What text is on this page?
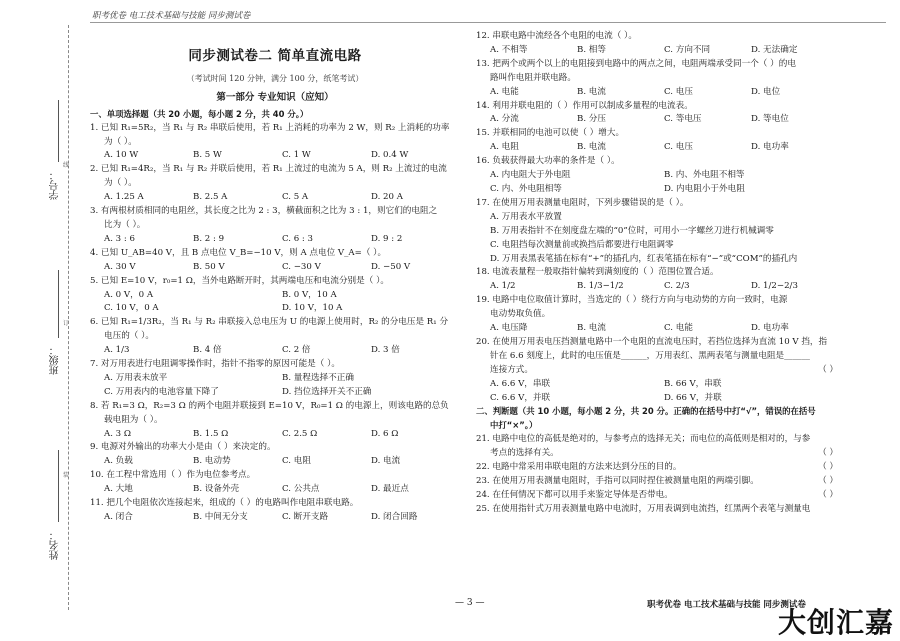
职考优卷 电工技术基础与技能 同步测试卷
学号：
班级：
姓名：
线
订
装
同步测试卷二 简单直流电路
（考试时间 120 分钟，满分 100 分，纸笔考试）
第一部分 专业知识（应知）
一、单项选择题（共 20 小题，每小题 2 分，共 40 分。）
1. 已知 R₁=5R₂，当 R₁ 与 R₂ 串联后使用，若 R₁ 上消耗的功率为 2 W，则 R₂ 上消耗的功率
为（ ）。
A. 10 W	B. 5 W	C. 1 W	D. 0.4 W
2. 已知 R₁=4R₂，当 R₁ 与 R₂ 并联后使用，若 R₁ 上流过的电流为 5 A，则 R₂ 上流过的电流
为（ ）。
A. 1.25 A	B. 2.5 A	C. 5 A	D. 20 A
3. 有两根材质相同的电阻丝，其长度之比为 2 : 3，横截面积之比为 3 : 1，则它们的电阻之
比为（ ）。
A. 3 : 6	B. 2 : 9	C. 6 : 3	D. 9 : 2
4. 已知 U_AB=40 V，且 B 点电位 V_B=−10 V，则 A 点电位 V_A=（ ）。
A. 30 V	B. 50 V	C. −30 V	D. −50 V
5. 已知 E=10 V，r₀=1 Ω，当外电路断开时，其两端电压和电流分别是（ ）。
A. 0 V，0 A	B. 0 V，10 A
C. 10 V，0 A	D. 10 V，10 A
6. 已知 R₁=1/3R₂，当 R₁ 与 R₂ 串联接入总电压为 U 的电源上使用时，R₂ 的分电压是 R₁ 分
电压的（ ）。
A. 1/3	B. 4 倍	C. 2 倍	D. 3 倍
7. 对万用表进行电阻调零操作时，指针不指零的原因可能是（ ）。
A. 万用表未放平	B. 量程选择不正确
C. 万用表内的电池容量下降了	D. 挡位选择开关不正确
8. 若 R₁=3 Ω，R₂=3 Ω 的两个电阻并联接到 E=10 V，R₀=1 Ω 的电源上，则该电路的总负
载电阻为（ ）。
A. 3 Ω	B. 1.5 Ω	C. 2.5 Ω	D. 6 Ω
9. 电源对外输出的功率大小是由（ ）来决定的。
A. 负载	B. 电动势	C. 电阻	D. 电流
10. 在工程中常选用（ ）作为电位参考点。
A. 大地	B. 设备外壳	C. 公共点	D. 最近点
11. 把几个电阻依次连接起来，组成的（ ）的电路叫作电阻串联电路。
A. 闭合	B. 中间无分支	C. 断开支路	D. 闭合回路
12. 串联电路中流经各个电阻的电流（ ）。
A. 不相等	B. 相等	C. 方向不同	D. 无法确定
13. 把两个或两个以上的电阻接到电路中的两点之间，电阻两端承受同一个（ ）的电
路叫作电阻并联电路。
A. 电能	B. 电流	C. 电压	D. 电位
14. 利用并联电阻的（ ）作用可以制成多量程的电流表。
A. 分流	B. 分压	C. 等电压	D. 等电位
15. 并联相同的电池可以使（ ）增大。
A. 电阻	B. 电流	C. 电压	D. 电功率
16. 负载获得最大功率的条件是（ ）。
A. 内电阻大于外电阻	B. 内、外电阻不相等
C. 内、外电阻相等	D. 内电阻小于外电阻
17. 在使用万用表测量电阻时，下列步骤错误的是（ ）。
A. 万用表水平放置
B. 万用表指针不在刻度盘左端的“0”位时，可用小一字螺丝刀进行机械调零
C. 电阻挡每次测量前或换挡后都要进行电阻调零
D. 万用表黑表笔插在标有“+”的插孔内，红表笔插在标有“−”或“COM”的插孔内
18. 电流表量程一般取指针偏转到满刻度的（ ）范围位置合适。
A. 1/2	B. 1/3−1/2	C. 2/3	D. 1/2−2/3
19. 电路中电位取值计算时，当选定的（ ）绕行方向与电动势的方向一致时，电源
电动势取负值。
A. 电压降	B. 电流	C. 电能	D. 电功率
20. 在使用万用表电压挡测量电路中一个电阻的直流电压时，若挡位选择为直流 10 V 挡，指
针在 6.6 刻度上，此时的电压值是______，万用表红、黑两表笔与测量电阻是______
连接方式。	（ ）
A. 6.6 V，串联	B. 66 V，串联
C. 6.6 V，并联	D. 66 V，并联
二、判断题（共 10 小题，每小题 2 分，共 20 分。正确的在括号中打“√”，错误的在括号
中打“×”。）
21. 电路中电位的高低是绝对的，与参考点的选择无关；而电位的高低则是相对的，与参
考点的选择有关。	（ ）
22. 电路中常采用串联电阻的方法来达到分压的目的。	（ ）
23. 在使用万用表测量电阻时，手指可以同时捏住被测量电阻的两端引脚。	（ ）
24. 在任何情况下都可以用手来鉴定导体是否带电。	（ ）
25. 在使用指针式万用表测量电路中电流时，万用表调到电流挡，红黑两个表笔与测量电
— 3 —	职考优卷 电工技术基础与技能 同步测试卷
大创汇嘉
